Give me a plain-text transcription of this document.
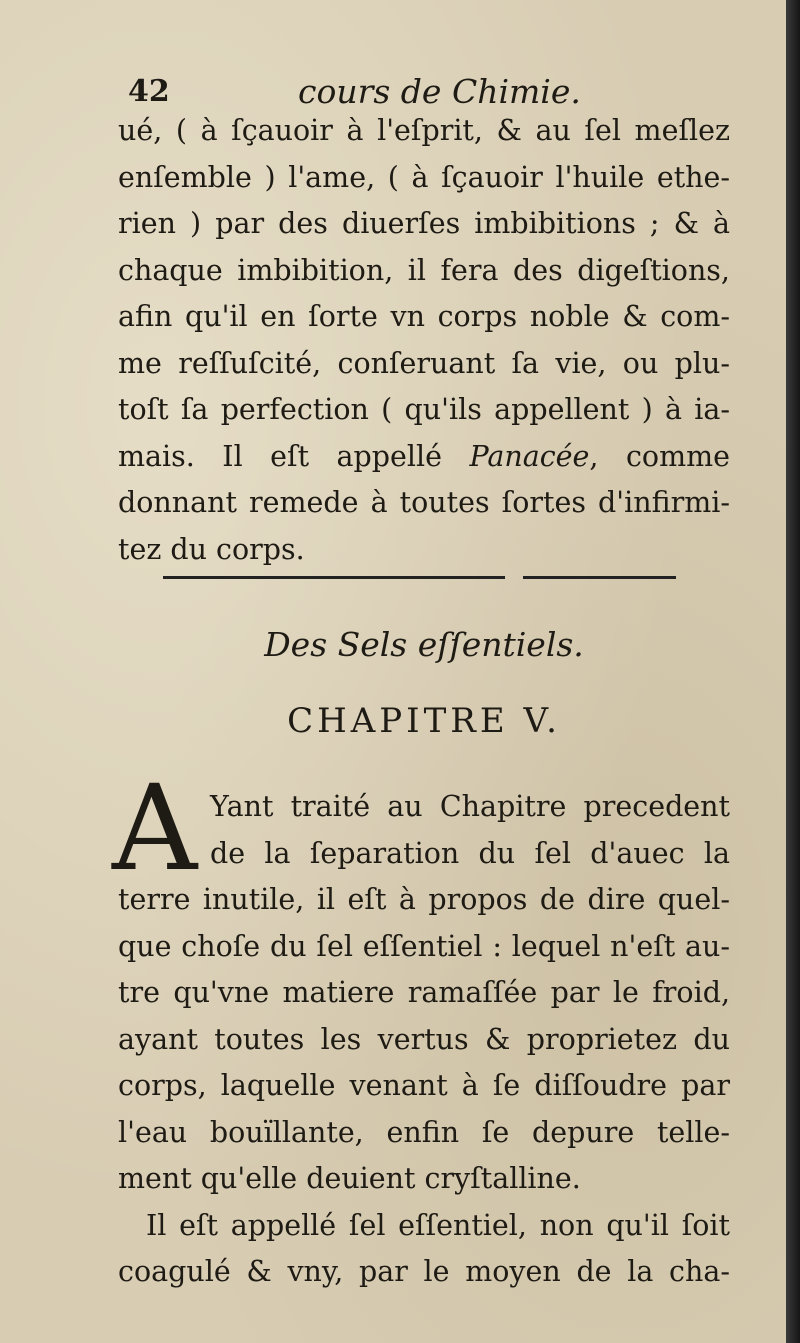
42	cours de Chimie.
ué, ( à ſçauoir à l'eſprit, & au ſel meſlez
enſemble ) l'ame, ( à ſçauoir l'huile ethe-
rien ) par des diuerſes imbibitions ; & à
chaque imbibition, il fera des digeſtions,
afin qu'il en ſorte vn corps noble & com-
me reſſuſcité, conſeruant ſa vie, ou plu-
toſt ſa perfection ( qu'ils appellent ) à ia-
mais. Il eſt appellé Panacée, comme
donnant remede à toutes ſortes d'infirmi-
tez du corps.
Des Sels eſſentiels.
CHAPITRE V.
A Yant traité au Chapitre precedent
de la ſeparation du ſel d'auec la
terre inutile, il eſt à propos de dire quel-
que choſe du ſel eſſentiel : lequel n'eſt au-
tre qu'vne matiere ramaſſée par le froid,
ayant toutes les vertus & proprietez du
corps, laquelle venant à ſe diſſoudre par
l'eau bouïllante, enfin ſe depure telle-
ment qu'elle deuient cryſtalline.
Il eſt appellé ſel eſſentiel, non qu'il ſoit
coagulé & vny, par le moyen de la cha-
